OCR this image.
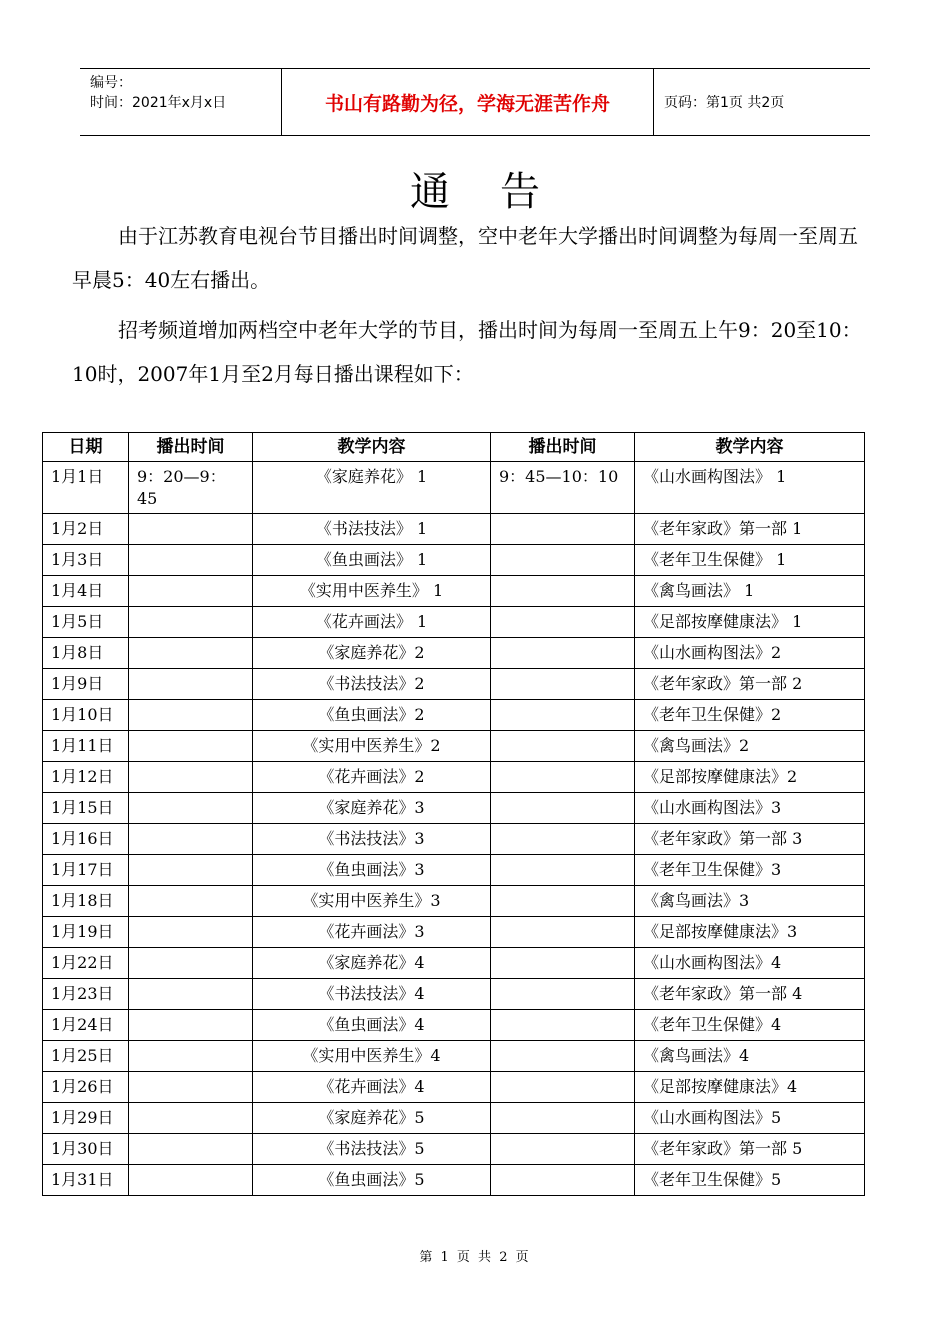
编号：
时间：2021年x月x日	书山有路勤为径，学海无涯苦作舟	页码：第1页 共2页
通告

由于江苏教育电视台节目播出时间调整，空中老年大学播出时间调整为每周一至周五早晨5：40左右播出。

招考频道增加两档空中老年大学的节目，播出时间为每周一至周五上午9：20至10：10时，2007年1月至2月每日播出课程如下：

日期	播出时间	教学内容	播出时间	教学内容
1月1日	9：20—9：45	《家庭养花》 1	9：45—10：10	《山水画构图法》 1
1月2日		《书法技法》 1		《老年家政》第一部 1
1月3日		《鱼虫画法》 1		《老年卫生保健》 1
1月4日		《实用中医养生》 1		《禽鸟画法》 1
1月5日		《花卉画法》 1		《足部按摩健康法》 1
1月8日		《家庭养花》2		《山水画构图法》2
1月9日		《书法技法》2		《老年家政》第一部 2
1月10日		《鱼虫画法》2		《老年卫生保健》2
1月11日		《实用中医养生》2		《禽鸟画法》2
1月12日		《花卉画法》2		《足部按摩健康法》2
1月15日		《家庭养花》3		《山水画构图法》3
1月16日		《书法技法》3		《老年家政》第一部 3
1月17日		《鱼虫画法》3		《老年卫生保健》3
1月18日		《实用中医养生》3		《禽鸟画法》3
1月19日		《花卉画法》3		《足部按摩健康法》3
1月22日		《家庭养花》4		《山水画构图法》4
1月23日		《书法技法》4		《老年家政》第一部 4
1月24日		《鱼虫画法》4		《老年卫生保健》4
1月25日		《实用中医养生》4		《禽鸟画法》4
1月26日		《花卉画法》4		《足部按摩健康法》4
1月29日		《家庭养花》5		《山水画构图法》5
1月30日		《书法技法》5		《老年家政》第一部 5
1月31日		《鱼虫画法》5		《老年卫生保健》5
第 1 页 共 2 页
